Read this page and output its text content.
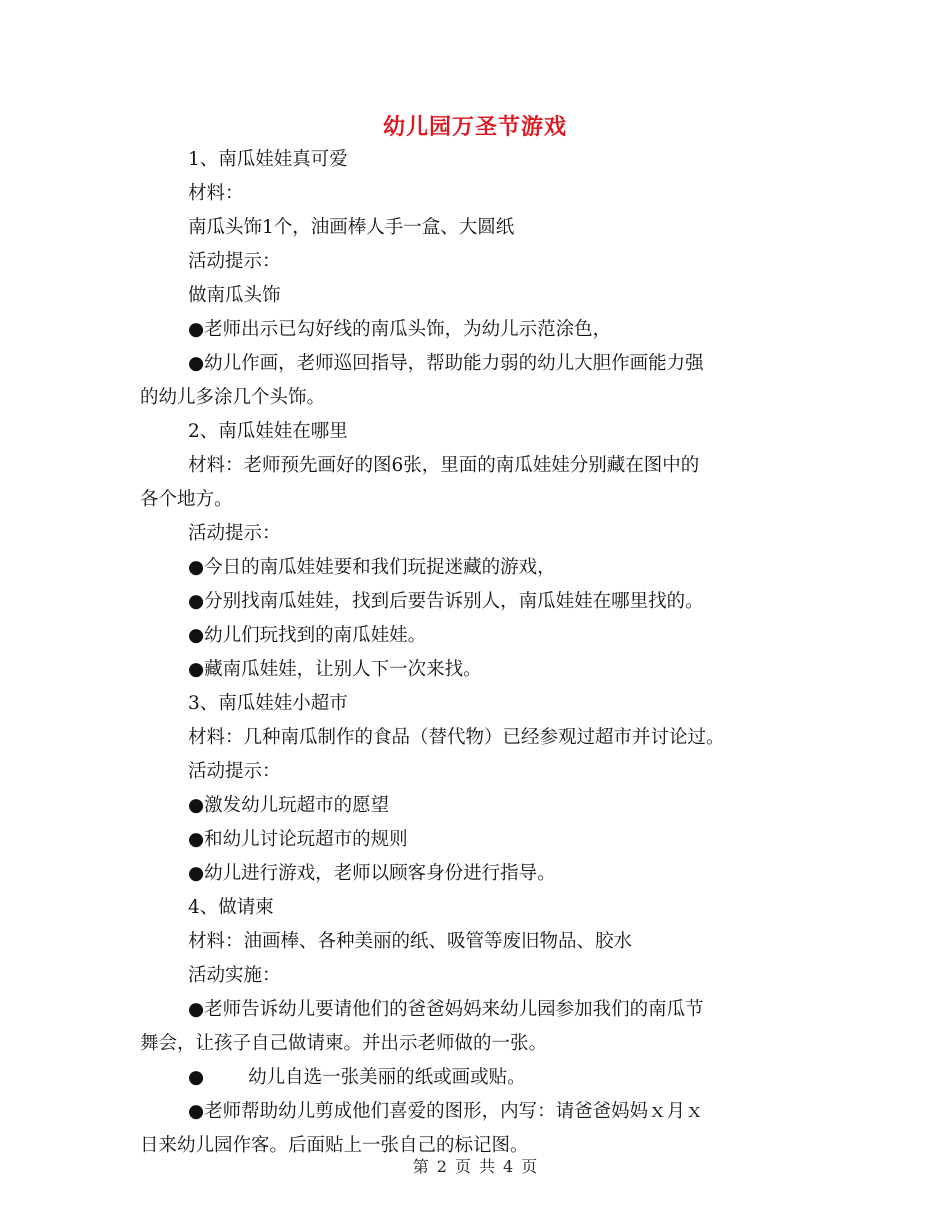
幼儿园万圣节游戏
1、南瓜娃娃真可爱
材料：
南瓜头饰1个，油画棒人手一盒、大圆纸
活动提示：
做南瓜头饰
●老师出示已勾好线的南瓜头饰，为幼儿示范涂色，
●幼儿作画，老师巡回指导，帮助能力弱的幼儿大胆作画能力强
的幼儿多涂几个头饰。
2、南瓜娃娃在哪里
材料：老师预先画好的图6张，里面的南瓜娃娃分别藏在图中的
各个地方。
活动提示：
●今日的南瓜娃娃要和我们玩捉迷藏的游戏，
●分别找南瓜娃娃，找到后要告诉别人，南瓜娃娃在哪里找的。
●幼儿们玩找到的南瓜娃娃。
●藏南瓜娃娃，让别人下一次来找。
3、南瓜娃娃小超市
材料：几种南瓜制作的食品（替代物）已经参观过超市并讨论过。
活动提示：
●激发幼儿玩超市的愿望
●和幼儿讨论玩超市的规则
●幼儿进行游戏，老师以顾客身份进行指导。
4、做请柬
材料：油画棒、各种美丽的纸、吸管等废旧物品、胶水
活动实施：
●老师告诉幼儿要请他们的爸爸妈妈来幼儿园参加我们的南瓜节
舞会，让孩子自己做请柬。并出示老师做的一张。
● 幼儿自选一张美丽的纸或画或贴。
●老师帮助幼儿剪成他们喜爱的图形，内写：请爸爸妈妈ｘ月ｘ
日来幼儿园作客。后面贴上一张自己的标记图。
第 2 页 共 4 页
